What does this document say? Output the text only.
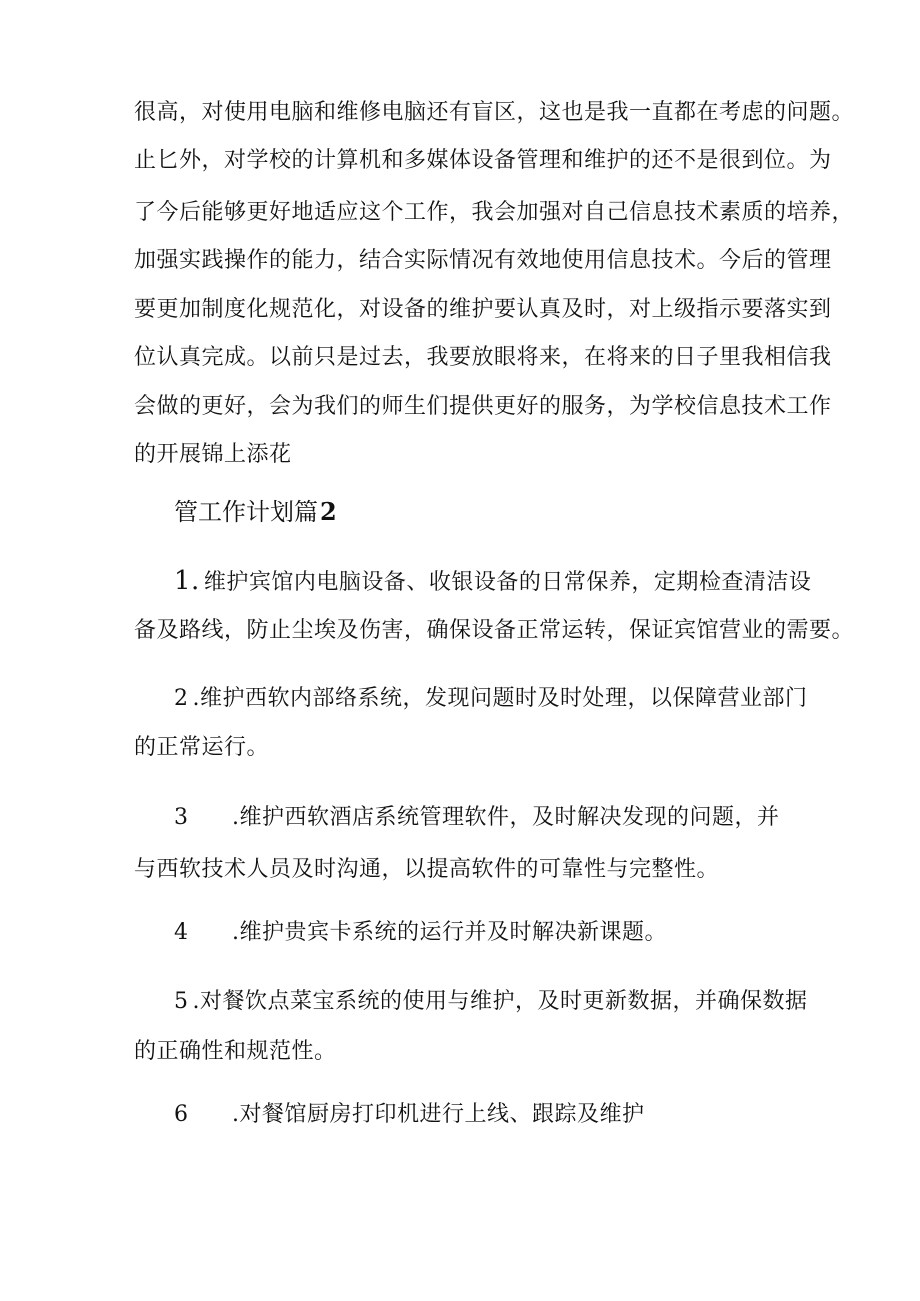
很高，对使用电脑和维修电脑还有盲区，这也是我一直都在考虑的问题。
止匕外，对学校的计算机和多媒体设备管理和维护的还不是很到位。为
了今后能够更好地适应这个工作，我会加强对自己信息技术素质的培养，
加强实践操作的能力，结合实际情况有效地使用信息技术。今后的管理
要更加制度化规范化，对设备的维护要认真及时，对上级指示要落实到
位认真完成。以前只是过去，我要放眼将来，在将来的日子里我相信我
会做的更好，会为我们的师生们提供更好的服务，为学校信息技术工作
的开展锦上添花
管工作计划篇2
1. 维护宾馆内电脑设备、收银设备的日常保养，定期检查清洁设
备及路线，防止尘埃及伤害，确保设备正常运转，保证宾馆营业的需要。
2 .维护西软内部络系统，发现问题时及时处理，以保障营业部门
的正常运行。
3 .维护西软酒店系统管理软件，及时解决发现的问题，并
与西软技术人员及时沟通，以提高软件的可靠性与完整性。
4 .维护贵宾卡系统的运行并及时解决新课题。
5 .对餐饮点菜宝系统的使用与维护，及时更新数据，并确保数据
的正确性和规范性。
6 .对餐馆厨房打印机进行上线、跟踪及维护
